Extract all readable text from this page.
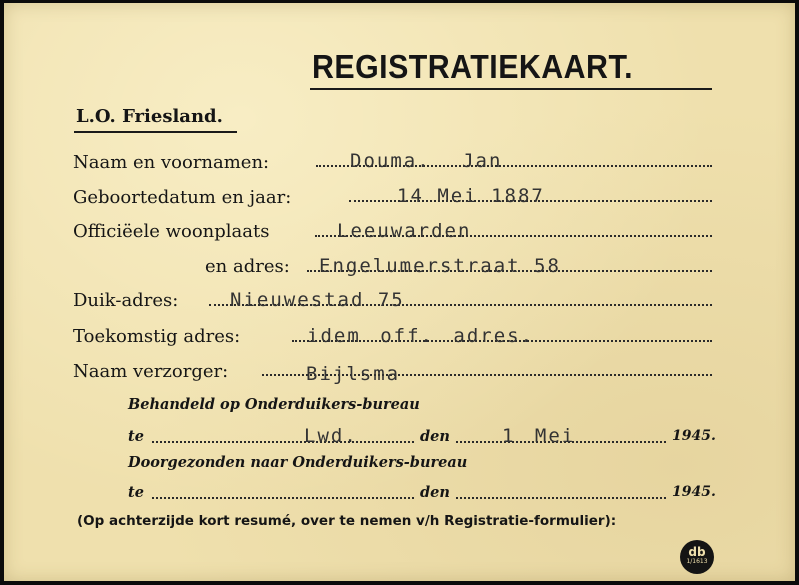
REGISTRATIEKAART.
L.O. Friesland.
Naam en voornamen:	Douma. Jan
Geboortedatum en jaar:	14 Mei 1887
Officiëele woonplaats	Leeuwarden
en adres: Engelumerstraat 58
Duik-adres:	Nieuwestad 75
Toekomstig adres:	idem off. adres.
Naam verzorger:	Bijlsma
Behandeld op Onderduikers-bureau
te	Lwd.	den	1 Mei	1945.
Doorgezonden naar Onderduikers-bureau
te	den	1945.
(Op achterzijde kort resumé, over te nemen v/h Registratie-formulier):
db
1/1613
